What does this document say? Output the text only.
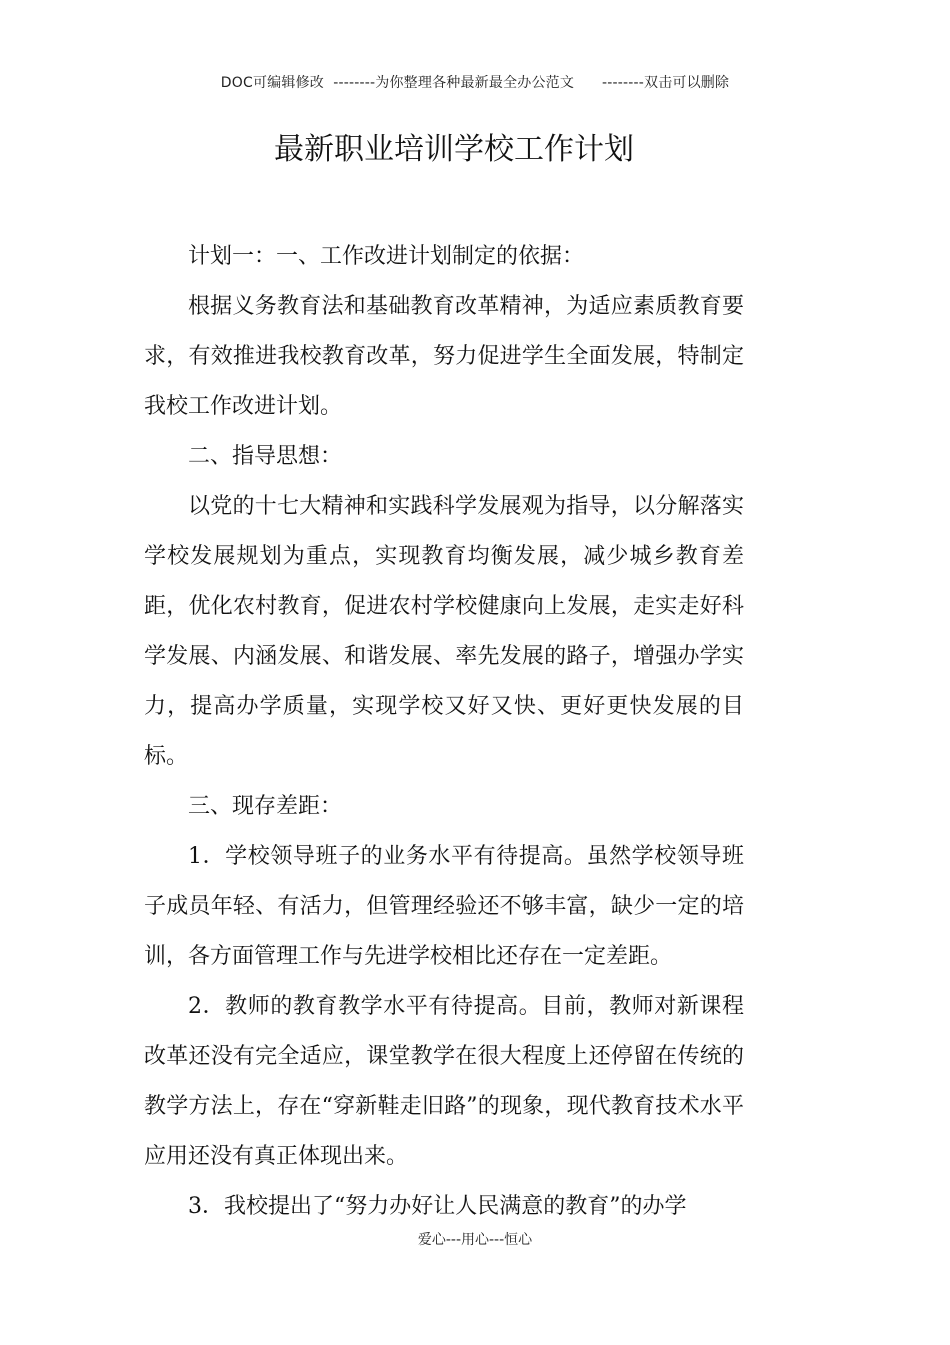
DOC可编辑修改  --------为你整理各种最新最全办公范文      --------双击可以删除
最新职业培训学校工作计划

计划一：一、工作改进计划制定的依据：

根据义务教育法和基础教育改革精神，为适应素质教育要求，有效推进我校教育改革，努力促进学生全面发展，特制定我校工作改进计划。

二、指导思想：

以党的十七大精神和实践科学发展观为指导，以分解落实学校发展规划为重点，实现教育均衡发展，减少城乡教育差距，优化农村教育，促进农村学校健康向上发展，走实走好科学发展、内涵发展、和谐发展、率先发展的路子，增强办学实力，提高办学质量，实现学校又好又快、更好更快发展的目标。

三、现存差距：

1．学校领导班子的业务水平有待提高。虽然学校领导班子成员年轻、有活力，但管理经验还不够丰富，缺少一定的培训，各方面管理工作与先进学校相比还存在一定差距。

2．教师的教育教学水平有待提高。目前，教师对新课程改革还没有完全适应，课堂教学在很大程度上还停留在传统的教学方法上，存在“穿新鞋走旧路”的现象，现代教育技术水平应用还没有真正体现出来。

3．我校提出了“努力办好让人民满意的教育”的办学

爱心---用心---恒心
